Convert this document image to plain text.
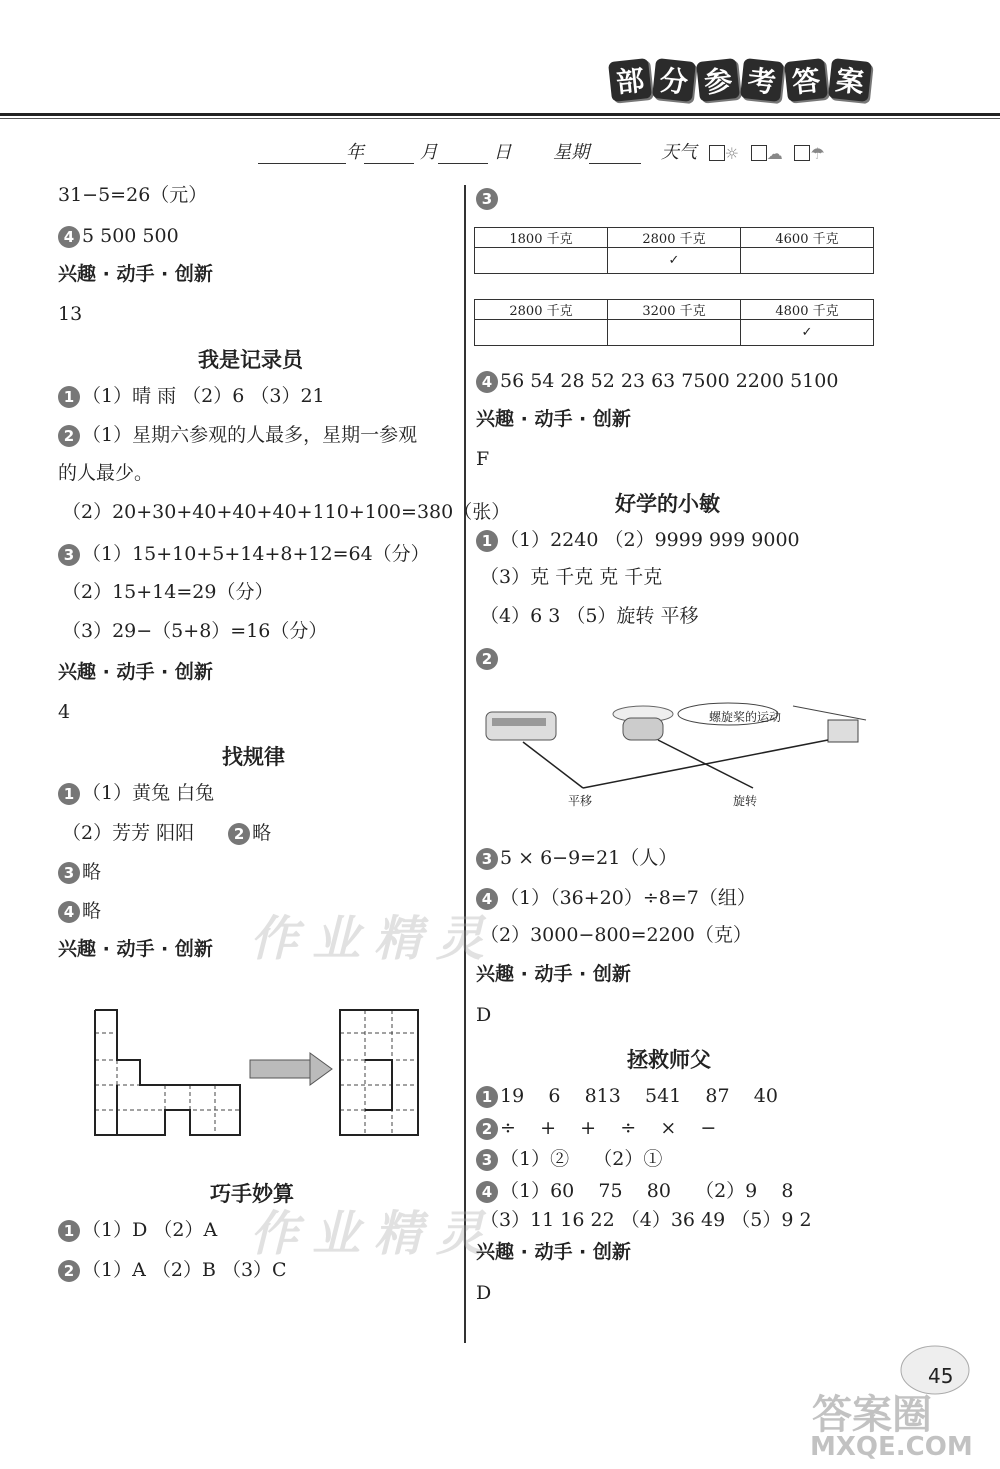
部 分 参 考 答 案
年	月	日 星期	天气 ☼ ☁ ☂
作业精灵
作业精灵
31−5=26（元）
4 5 500 500
兴趣 · 动手 · 创新
13
我是记录员
1 （1）晴 雨 （2）6 （3）21
2 （1）星期六参观的人最多，星期一参观
的人最少。
（2）20+30+40+40+40+110+100=380（张）
3 （1）15+10+5+14+8+12=64（分）
（2）15+14=29（分）
（3）29−（5+8）=16（分）
兴趣 · 动手 · 创新
4
找规律
1 （1）黄兔 白兔
（2）芳芳 阳阳	2 略
3 略
4 略
兴趣 · 动手 · 创新
巧手妙算
1 （1）D （2）A
2 （1）A （2）B （3）C
3
1800 千克	2800 千克	4600 千克
	✓	
2800 千克	3200 千克	4800 千克
		✓
4 56 54 28 52 23 63 7500 2200 5100
兴趣 · 动手 · 创新
F
好学的小敏
1 （1）2240 （2）9999 999 9000
（3）克 千克 克 千克
（4）6 3 （5）旋转 平移
2
螺旋桨的运动
平移	旋转
3 5 × 6−9=21（人）
4 （1）（36+20）÷8=7（组）
（2）3000−800=2200（克）
兴趣 · 动手 · 创新
D
拯救师父
1 19    6    813    541    87    40
2 ÷    +    +    ÷    ×    −
3 （1）②    （2）①
4 （1）60    75    80    （2）9    8
（3）11 16 22 （4）36 49 （5）9 2
兴趣 · 动手 · 创新
D
45
答案圈
MXQE.COM
